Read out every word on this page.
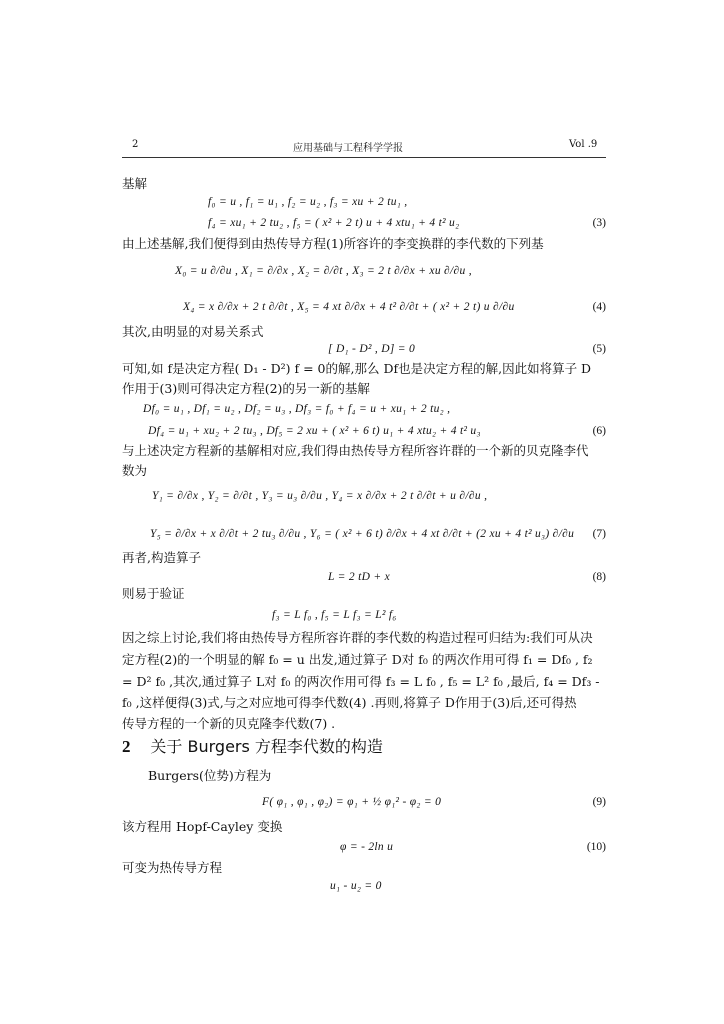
2	应用基础与工程科学学报	Vol .9
基解
f₀ = u , f₁ = u₁ , f₂ = u₂ , f₃ = xu + 2 tu₁ ,
f₄ = xu₁ + 2 tu₂ , f₅ = ( x² + 2 t) u + 4 xtu₁ + 4 t² u₂	(3)
由上述基解,我们便得到由热传导方程(1)所容许的李变换群的李代数的下列基
X₀ = u ∂/∂u , X₁ = ∂/∂x , X₂ = ∂/∂t , X₃ = 2 t ∂/∂x + xu ∂/∂u ,
X₄ = x ∂/∂x + 2 t ∂/∂t , X₅ = 4 xt ∂/∂x + 4 t² ∂/∂t + ( x² + 2 t) u ∂/∂u	(4)
其次,由明显的对易关系式
[ D₁ - D² , D] = 0	(5)
可知,如 f是决定方程( D₁ - D²) f = 0的解,那么 Df也是决定方程的解,因此如将算子 D
作用于(3)则可得决定方程(2)的另一新的基解
Df₀ = u₁ , Df₁ = u₂ , Df₂ = u₃ , Df₃ = f₀ + f₄ = u + xu₁ + 2 tu₂ ,
Df₄ = u₁ + xu₂ + 2 tu₃ , Df₅ = 2 xu + ( x² + 6 t) u₁ + 4 xtu₂ + 4 t² u₃	(6)
与上述决定方程新的基解相对应,我们得由热传导方程所容许群的一个新的贝克隆李代
数为
Y₁ = ∂/∂x , Y₂ = ∂/∂t , Y₃ = u₃ ∂/∂u , Y₄ = x ∂/∂x + 2 t ∂/∂t + u ∂/∂u ,
Y₅ = ∂/∂x + x ∂/∂t + 2 tu₃ ∂/∂u , Y₆ = ( x² + 6 t) ∂/∂x + 4 xt ∂/∂t + (2 xu + 4 t² u₃) ∂/∂u (7)
再者,构造算子
L = 2 tD + x	(8)
则易于验证
f₃ = L f₀ , f₅ = L f₃ = L² f₆
因之综上讨论,我们将由热传导方程所容许群的李代数的构造过程可归结为:我们可从决
定方程(2)的一个明显的解 f₀ = u 出发,通过算子 D对 f₀ 的两次作用可得 f₁ = Df₀ , f₂
= D² f₀ ,其次,通过算子 L对 f₀ 的两次作用可得 f₃ = L f₀ , f₅ = L² f₀ ,最后, f₄ = Df₃ -
f₀ ,这样便得(3)式,与之对应地可得李代数(4) .再则,将算子 D作用于(3)后,还可得热
传导方程的一个新的贝克隆李代数(7) .
2 关于 Burgers 方程李代数的构造
Burgers(位势)方程为
F( φ₁ , φ₁ , φ₂) = φ₁ + ½ φ₁² - φ₂ = 0	(9)
该方程用 Hopf-Cayley 变换
φ = - 2ln u	(10)
可变为热传导方程
u₁ - u₂ = 0
